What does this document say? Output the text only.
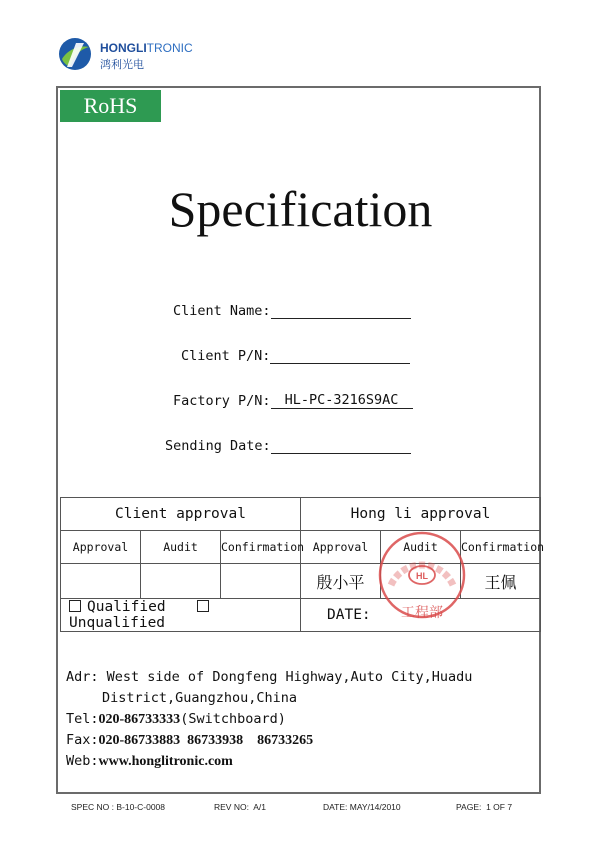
HONGLITRONIC
鸿利光电
RoHS
Specification
Client Name:
Client P/N:
Factory P/N: HL-PC-3216S9AC
Sending Date:
Client approval			Hong li approval		
Approval	Audit	Confirmation	Approval	Audit	Confirmation
			殷小平		王佩
Qualified  Unqualified			DATE:		
HL
工程部
Adr: West side of Dongfeng Highway,Auto City,Huadu
District,Guangzhou,China
Tel:020-86733333(Switchboard)
Fax:020-86733883  86733938    86733265
Web:www.honglitronic.com
SPEC NO : B-10-C-0008	REV NO:  A/1	DATE: MAY/14/2010	PAGE:  1 OF 7
